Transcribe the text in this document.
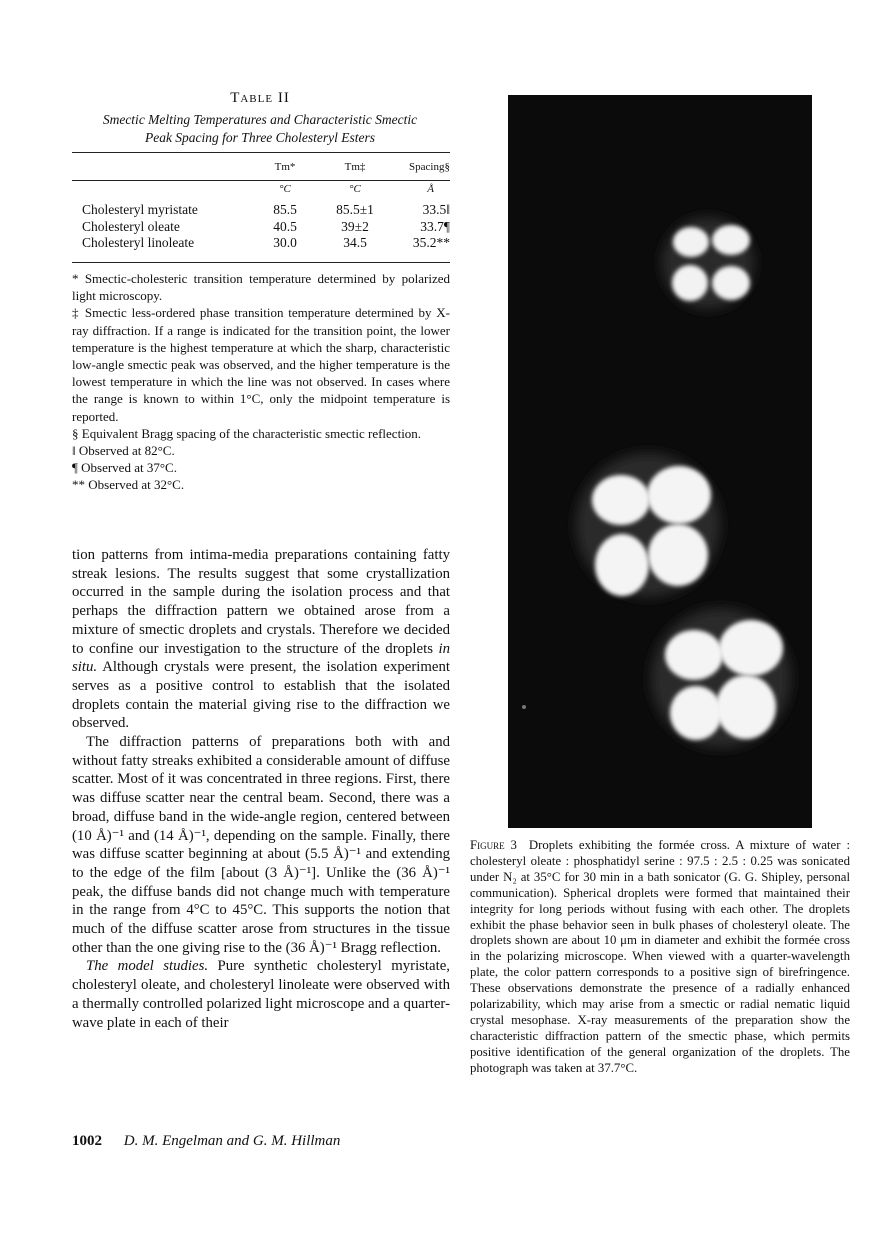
Table II
Smectic Melting Temperatures and Characteristic Smectic
Peak Spacing for Three Cholesteryl Esters
	Tm*	Tm‡	Spacing§
	°C	°C	Å
Cholesteryl myristate	85.5	85.5±1	33.5‖
Cholesteryl oleate	40.5	39±2	33.7¶
Cholesteryl linoleate	30.0	34.5	35.2**

* Smectic-cholesteric transition temperature determined by polarized light microscopy.

‡ Smectic less-ordered phase transition temperature determined by X-ray diffraction. If a range is indicated for the transition point, the lower temperature is the highest temperature at which the sharp, characteristic low-angle smectic peak was observed, and the higher temperature is the lowest temperature in which the line was not observed. In cases where the range is known to within 1°C, only the midpoint temperature is reported.

§ Equivalent Bragg spacing of the characteristic smectic reflection.

‖ Observed at 82°C.

¶ Observed at 37°C.

** Observed at 32°C.

tion patterns from intima-media preparations containing fatty streak lesions. The results suggest that some crystallization occurred in the sample during the isolation process and that perhaps the diffraction pattern we obtained arose from a mixture of smectic droplets and crystals. Therefore we decided to confine our investigation to the structure of the droplets in situ. Although crystals were present, the isolation experiment serves as a positive control to establish that the isolated droplets contain the material giving rise to the diffraction we observed.

The diffraction patterns of preparations both with and without fatty streaks exhibited a considerable amount of diffuse scatter. Most of it was concentrated in three regions. First, there was diffuse scatter near the central beam. Second, there was a broad, diffuse band in the wide-angle region, centered between (10 Å)⁻¹ and (14 Å)⁻¹, depending on the sample. Finally, there was diffuse scatter beginning at about (5.5 Å)⁻¹ and extending to the edge of the film [about (3 Å)⁻¹]. Unlike the (36 Å)⁻¹ peak, the diffuse bands did not change much with temperature in the range from 4°C to 45°C. This supports the notion that much of the diffuse scatter arose from structures in the tissue other than the one giving rise to the (36 Å)⁻¹ Bragg reflection.

The model studies. Pure synthetic cholesteryl myristate, cholesteryl oleate, and cholesteryl linoleate were observed with a thermally controlled polarized light microscope and a quarter-wave plate in each of their

1002 D. M. Engelman and G. M. Hillman

Figure 3 Droplets exhibiting the formée cross. A mixture of water : cholesteryl oleate : phosphatidyl serine : 97.5 : 2.5 : 0.25 was sonicated under N₂ at 35°C for 30 min in a bath sonicator (G. G. Shipley, personal communication). Spherical droplets were formed that maintained their integrity for long periods without fusing with each other. The droplets exhibit the phase behavior seen in bulk phases of cholesteryl oleate. The droplets shown are about 10 μm in diameter and exhibit the formée cross in the polarizing microscope. When viewed with a quarter-wavelength plate, the color pattern corresponds to a positive sign of birefringence. These observations demonstrate the presence of a radially enhanced polarizability, which may arise from a smectic or radial nematic liquid crystal mesophase. X-ray measurements of the preparation show the characteristic diffraction pattern of the smectic phase, which permits positive identification of the general organization of the droplets. The photograph was taken at 37.7°C.
